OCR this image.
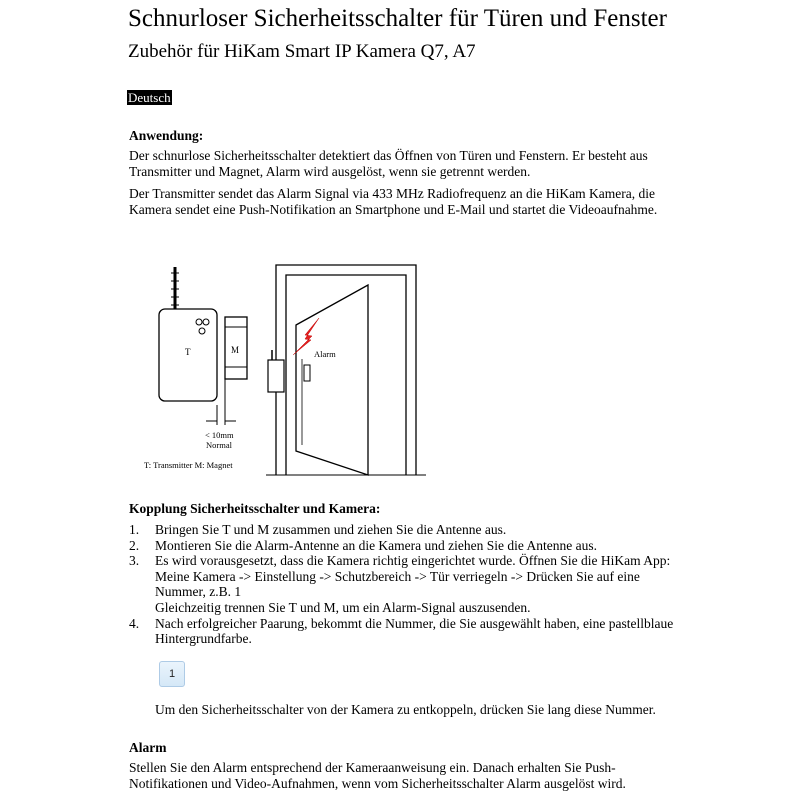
Schnurloser Sicherheitsschalter für Türen und Fenster
Zubehör für HiKam Smart IP Kamera Q7, A7
Deutsch
Anwendung:
Der schnurlose Sicherheitsschalter detektiert das Öffnen von Türen und Fenstern. Er besteht aus Transmitter und Magnet, Alarm wird ausgelöst, wenn sie getrennt werden.
Der Transmitter sendet das Alarm Signal via 433 MHz Radiofrequenz an die HiKam Kamera, die Kamera sendet eine Push-Notifikation an Smartphone und E-Mail und startet die Videoaufnahme.
T	M
< 10mm
Normal
T: Transmitter M: Magnet
Alarm
Kopplung Sicherheitsschalter und Kamera:
1. Bringen Sie T und M zusammen und ziehen Sie die Antenne aus.
2. Montieren Sie die Alarm-Antenne an die Kamera und ziehen Sie die Antenne aus.
3. Es wird vorausgesetzt, dass die Kamera richtig eingerichtet wurde. Öffnen Sie die HiKam App: Meine Kamera -> Einstellung -> Schutzbereich -> Tür verriegeln -> Drücken Sie auf eine Nummer, z.B. 1
Gleichzeitig trennen Sie T und M, um ein Alarm-Signal auszusenden.
4. Nach erfolgreicher Paarung, bekommt die Nummer, die Sie ausgewählt haben, eine pastellblaue Hintergrundfarbe.
1
Um den Sicherheitsschalter von der Kamera zu entkoppeln, drücken Sie lang diese Nummer.
Alarm
Stellen Sie den Alarm entsprechend der Kameraanweisung ein. Danach erhalten Sie Push-Notifikationen und Video-Aufnahmen, wenn vom Sicherheitsschalter Alarm ausgelöst wird.
